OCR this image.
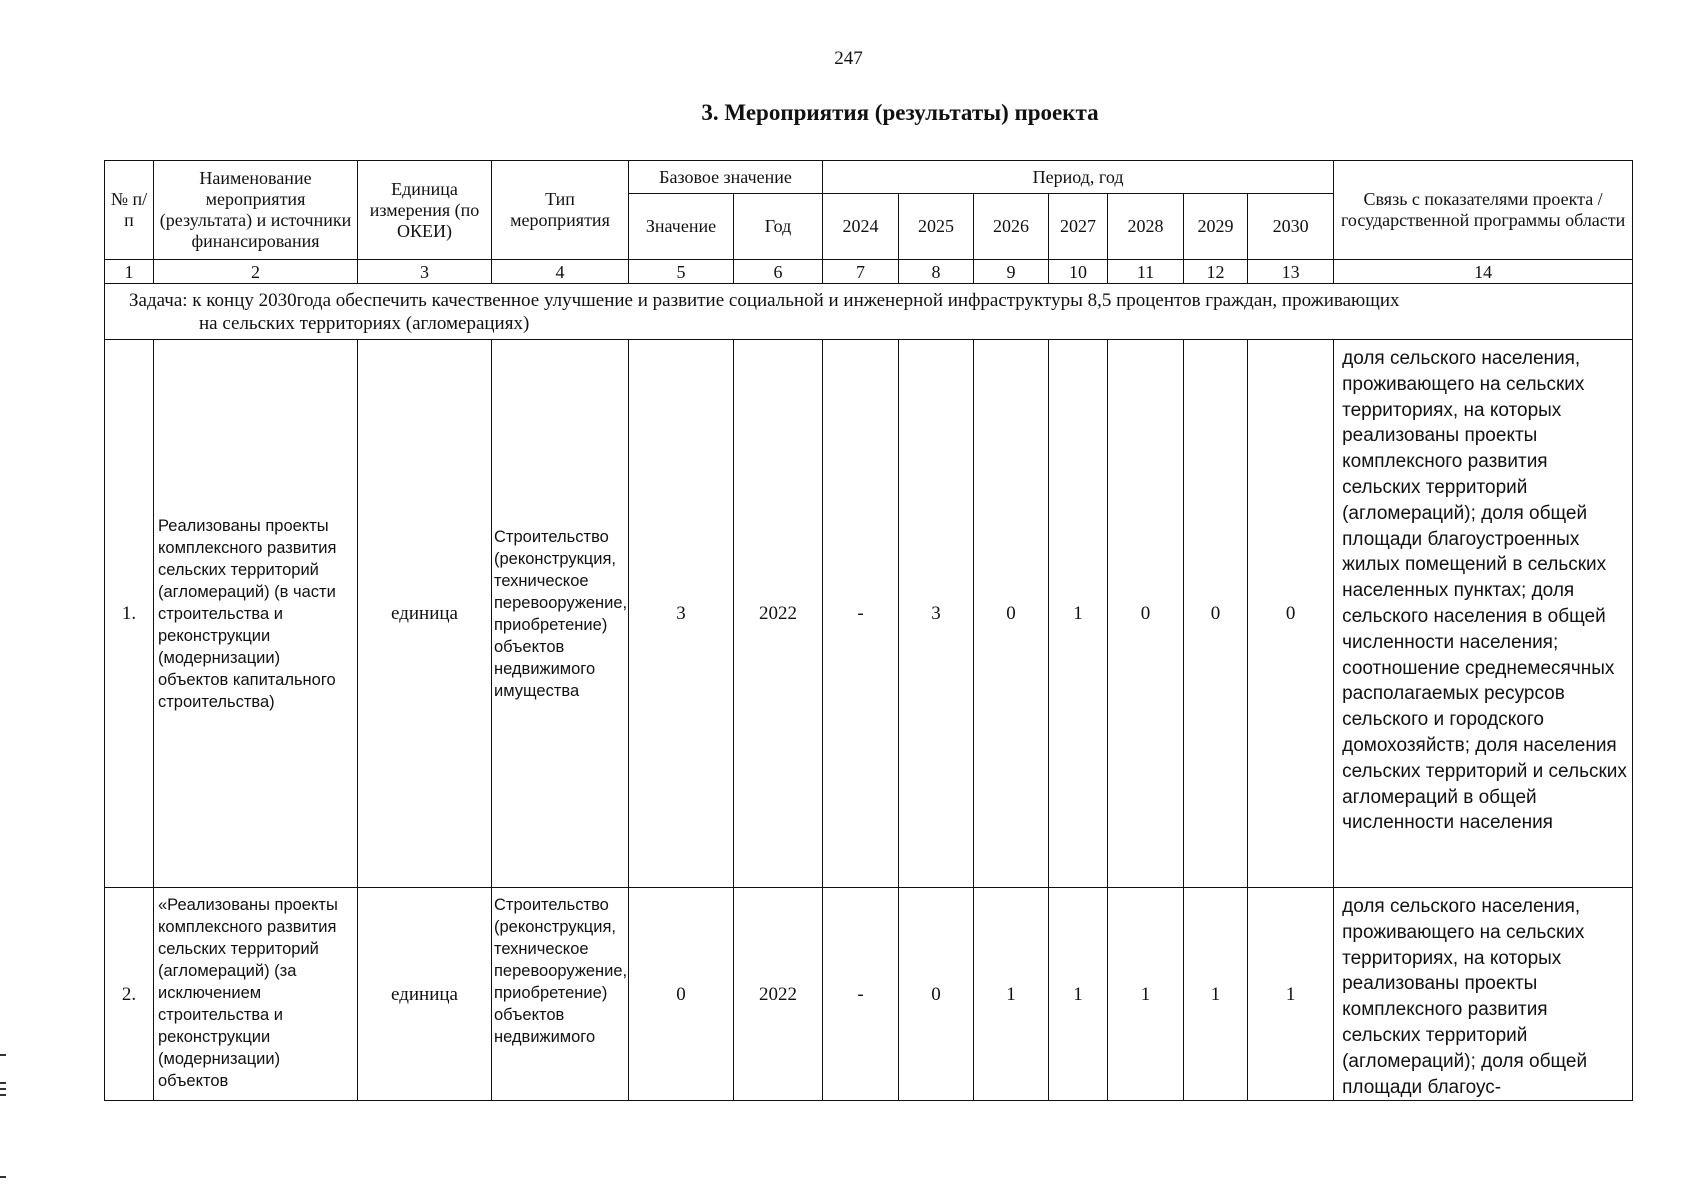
247
3. Мероприятия (результаты) проекта
№ п/п	Наименование мероприятия (результата) и источники финансирования	Единица измерения (по ОКЕИ)	Тип мероприятия	Базовое значение		Период, год							Связь с показателями проекта / государственной программы области
				Значение	Год	2024	2025	2026	2027	2028	2029	2030	
1	2	3	4	5	6	7	8	9	10	11	12	13	14
Задача: к концу 2030года обеспечить качественное улучшение и развитие социальной и инженерной инфраструктуры 8,5 процентов граждан, проживающих
на сельских территориях (агломерациях)													

1.	Реализованы проекты комплексного развития сельских территорий (агломераций) (в части строительства и реконструкции (модернизации) объектов капитального строительства)	единица	Строительство (реконструкция, техническое перевооружение, приобретение) объектов недвижимого имущества	3	2022	-	3	0	1	0	0	0	доля сельского населения, проживающего на сельских территориях, на которых реализованы проекты комплексного развития сельских территорий (агломераций); доля общей площади благоустроенных жилых помещений в сельских населенных пунктах; доля сельского населения в общей численности населения; соотношение среднемесячных располагаемых ресурсов сельского и городского домохозяйств; доля населения сельских территорий и сельских агломераций в общей численности населения
2.	«Реализованы проекты комплексного развития сельских территорий (агломераций) (за исключением строительства и реконструкции (модернизации) объектов	единица	Строительство (реконструкция, техническое перевооружение, приобретение) объектов недвижимого	0	2022	-	0	1	1	1	1	1	доля сельского населения, проживающего на сельских территориях, на которых реализованы проекты комплексного развития сельских территорий (агломераций); доля общей площади благоус-
